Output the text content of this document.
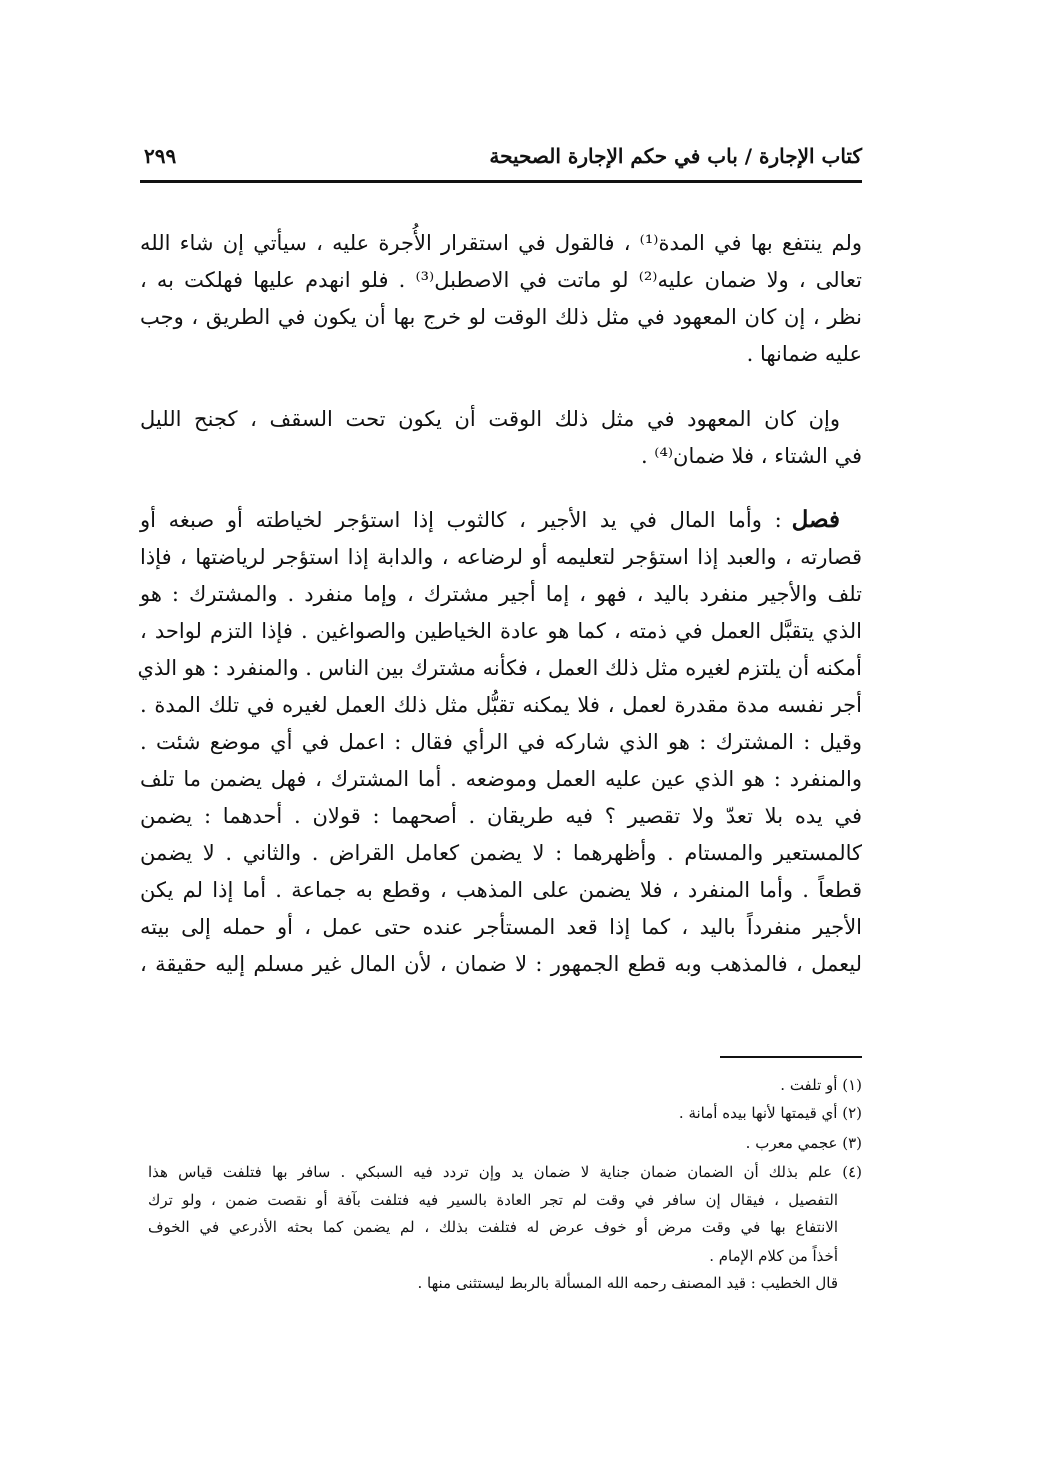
كتاب الإجارة / باب في حكم الإجارة الصحيحة
٢٩٩
ولم ينتفع بها في المدة⁽¹⁾ ، فالقول في استقرار الأُجرة عليه ، سيأتي إن شاء الله
تعالى ، ولا ضمان عليه⁽²⁾ لو ماتت في الاصطبل⁽³⁾ . فلو انهدم عليها فهلكت به ،
نظر ، إن كان المعهود في مثل ذلك الوقت لو خرج بها أن يكون في الطريق ، وجب
عليه ضمانها .
وإن كان المعهود في مثل ذلك الوقت أن يكون تحت السقف ، كجنح الليل
في الشتاء ، فلا ضمان⁽⁴⁾ .
فصل
: وأما المال في يد الأجير ، كالثوب إذا استؤجر لخياطته أو صبغه أو
قصارته ، والعبد إذا استؤجر لتعليمه أو لرضاعه ، والدابة إذا استؤجر لرياضتها ، فإذا
تلف والأجير منفرد باليد ، فهو ، إما أجير مشترك ، وإما منفرد . والمشترك : هو
الذي يتقبَّل العمل في ذمته ، كما هو عادة الخياطين والصواغين . فإذا التزم لواحد ،
أمكنه أن يلتزم لغيره مثل ذلك العمل ، فكأنه مشترك بين الناس . والمنفرد : هو الذي
أجر نفسه مدة مقدرة لعمل ، فلا يمكنه تقبُّل مثل ذلك العمل لغيره في تلك المدة .
وقيل : المشترك : هو الذي شاركه في الرأي فقال : اعمل في أي موضع شئت .
والمنفرد : هو الذي عين عليه العمل وموضعه . أما المشترك ، فهل يضمن ما تلف
في يده بلا تعدّ ولا تقصير ؟ فيه طريقان . أصحهما : قولان . أحدهما : يضمن
كالمستعير والمستام . وأظهرهما : لا يضمن كعامل القراض . والثاني . لا يضمن
قطعاً . وأما المنفرد ، فلا يضمن على المذهب ، وقطع به جماعة . أما إذا لم يكن
الأجير منفرداً باليد ، كما إذا قعد المستأجر عنده حتى عمل ، أو حمله إلى بيته
ليعمل ، فالمذهب وبه قطع الجمهور : لا ضمان ، لأن المال غير مسلم إليه حقيقة ،
(١) أو تلفت .
(٢) أي قيمتها لأنها بيده أمانة .
(٣) عجمي معرب .
(٤) علم بذلك أن الضمان ضمان جناية لا ضمان يد وإن تردد فيه السبكي . سافر بها فتلفت قياس هذا
التفصيل ، فيقال إن سافر في وقت لم تجر العادة بالسير فيه فتلفت بآفة أو نقصت ضمن ، ولو ترك
الانتفاع بها في وقت مرض أو خوف عرض له فتلفت بذلك ، لم يضمن كما بحثه الأذرعي في الخوف
أخذاً من كلام الإمام .
قال الخطيب : قيد المصنف رحمه الله المسألة بالربط ليستثنى منها .
